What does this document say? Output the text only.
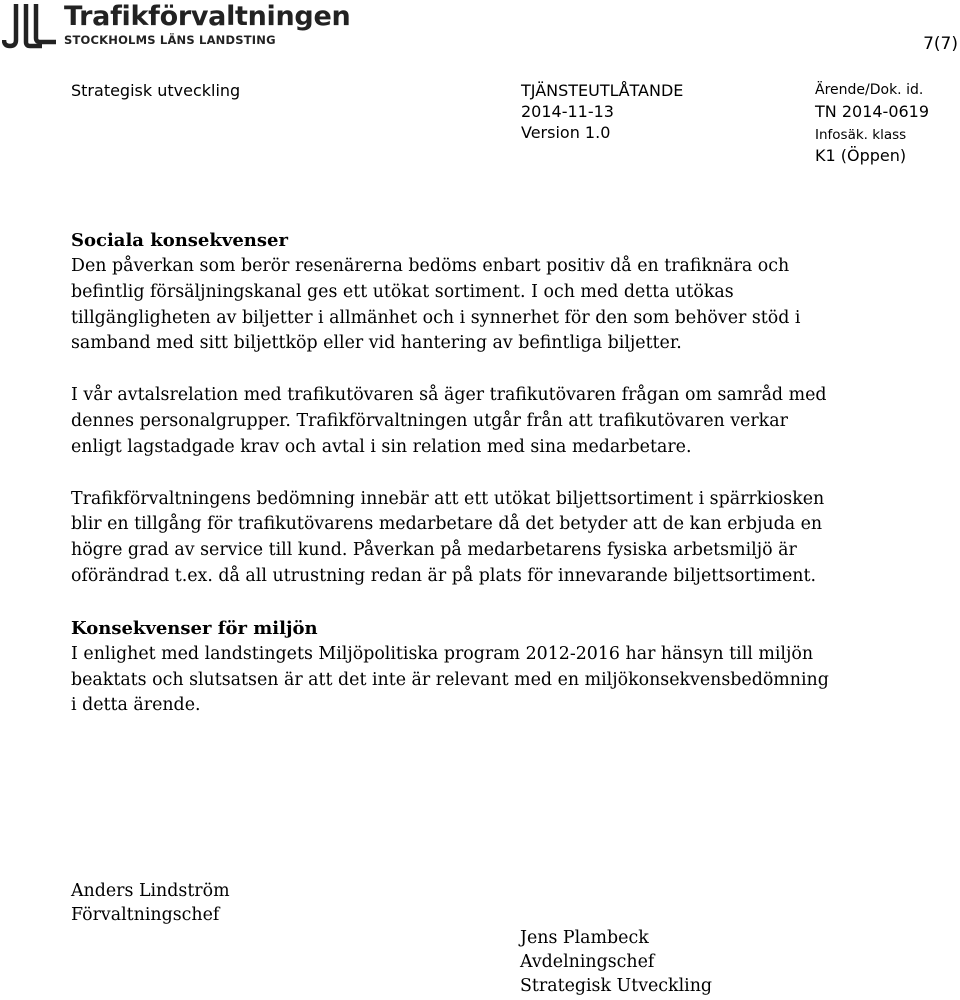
Trafikförvaltningen
STOCKHOLMS LÄNS LANDSTING	7(7)
Strategisk utveckling	TJÄNSTEUTLÅTANDE
2014-11-13
Version 1.0
Ärende/Dok. id.
TN 2014-0619
Infosäk. klass
K1 (Öppen)
Sociala konsekvenser

Den påverkan som berör resenärerna bedöms enbart positiv då en trafiknära och befintlig försäljningskanal ges ett utökat sortiment. I och med detta utökas tillgängligheten av biljetter i allmänhet och i synnerhet för den som behöver stöd i samband med sitt biljettköp eller vid hantering av befintliga biljetter.

I vår avtalsrelation med trafikutövaren så äger trafikutövaren frågan om samråd med dennes personalgrupper. Trafikförvaltningen utgår från att trafikutövaren verkar enligt lagstadgade krav och avtal i sin relation med sina medarbetare.

Trafikförvaltningens bedömning innebär att ett utökat biljettsortiment i spärrkiosken blir en tillgång för trafikutövarens medarbetare då det betyder att de kan erbjuda en högre grad av service till kund. Påverkan på medarbetarens fysiska arbetsmiljö är oförändrad t.ex. då all utrustning redan är på plats för innevarande biljettsortiment.

Konsekvenser för miljön

I enlighet med landstingets Miljöpolitiska program 2012-2016 har hänsyn till miljön beaktats och slutsatsen är att det inte är relevant med en miljökonsekvensbedömning i detta ärende.

Anders Lindström
Förvaltningschef
Jens Plambeck
Avdelningschef
Strategisk Utveckling
